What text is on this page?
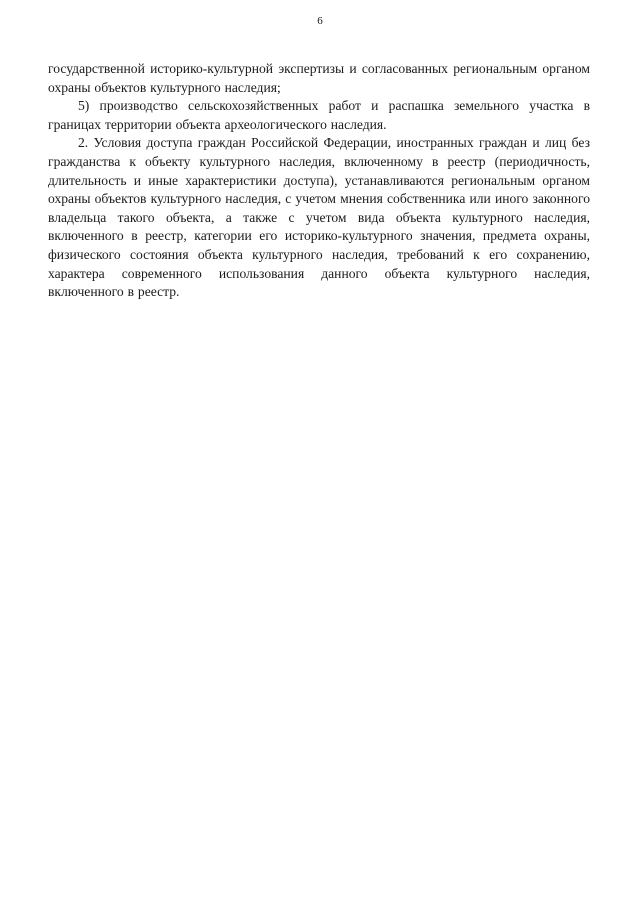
6

государственной историко-культурной экспертизы и согласованных региональным органом охраны объектов культурного наследия;

5) производство сельскохозяйственных работ и распашка земельного участка в границах территории объекта археологического наследия.

2. Условия доступа граждан Российской Федерации, иностранных граждан и лиц без гражданства к объекту культурного наследия, включенному в реестр (периодичность, длительность и иные характеристики доступа), устанавливаются региональным органом охраны объектов культурного наследия, с учетом мнения собственника или иного законного владельца такого объекта, а также с учетом вида объекта культурного наследия, включенного в реестр, категории его историко-культурного значения, предмета охраны, физического состояния объекта культурного наследия, требований к его сохранению, характера современного использования данного объекта культурного наследия, включенного в реестр.
